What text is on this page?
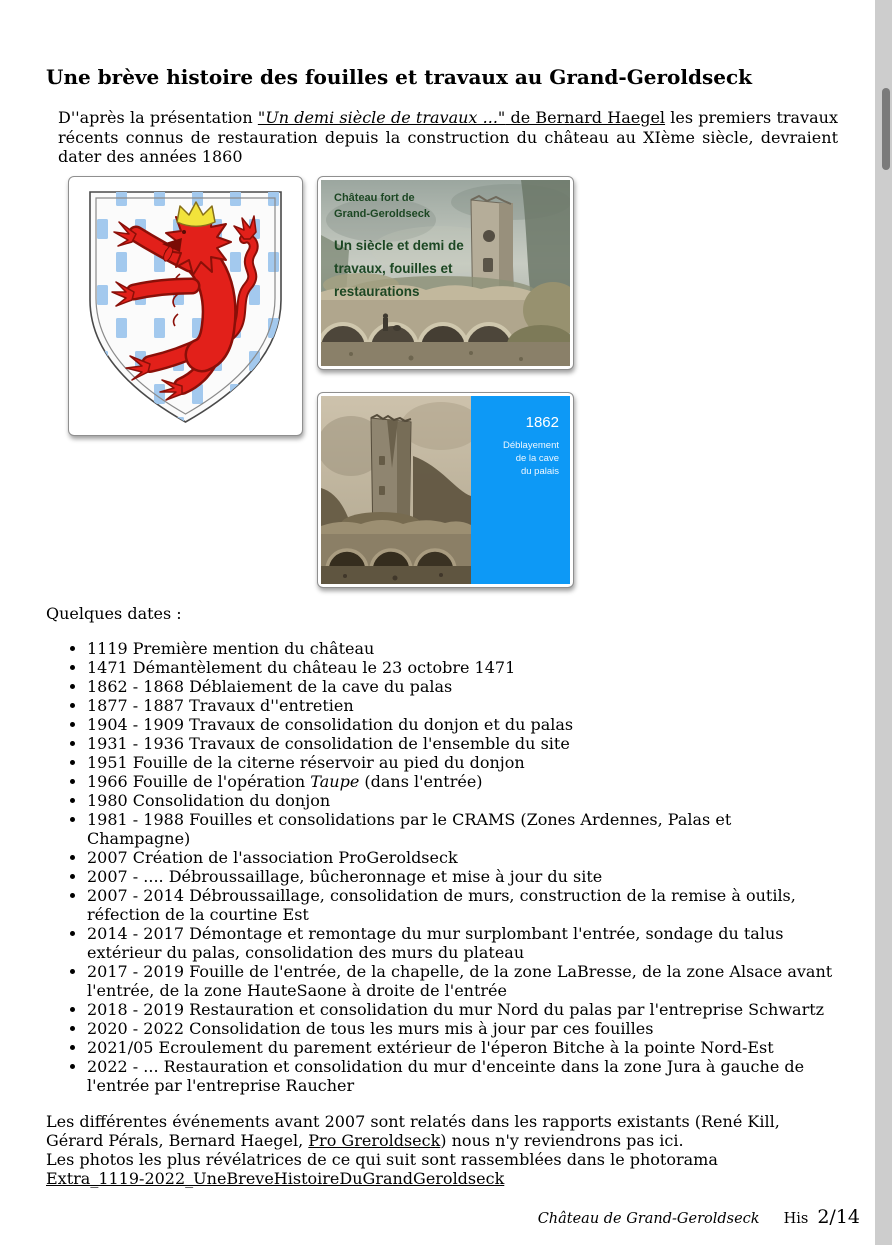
Une brève histoire des fouilles et travaux au Grand-Geroldseck

D''après la présentation "Un demi siècle de travaux ..." de Bernard Haegel les premiers travaux récents connus de restauration depuis la construction du château au XIème siècle, devraient dater des années 1860

Château fort de
Grand-Geroldseck
Un siècle et demi de
travaux, fouilles et
restaurations
1862
Déblayement
de la cave
du palais

Quelques dates :

• 1119 Première mention du château
• 1471 Démantèlement du château le 23 octobre 1471
• 1862 - 1868 Déblaiement de la cave du palas
• 1877 - 1887 Travaux d''entretien
• 1904 - 1909 Travaux de consolidation du donjon et du palas
• 1931 - 1936 Travaux de consolidation de l'ensemble du site
• 1951 Fouille de la citerne réservoir au pied du donjon
• 1966 Fouille de l'opération Taupe (dans l'entrée)
• 1980 Consolidation du donjon
• 1981 - 1988 Fouilles et consolidations par le CRAMS (Zones Ardennes, Palas et Champagne)
• 2007 Création de l'association ProGeroldseck
• 2007 - .... Débroussaillage, bûcheronnage et mise à jour du site
• 2007 - 2014 Débroussaillage, consolidation de murs, construction de la remise à outils, réfection de la courtine Est
• 2014 - 2017 Démontage et remontage du mur surplombant l'entrée, sondage du talus extérieur du palas, consolidation des murs du plateau
• 2017 - 2019 Fouille de l'entrée, de la chapelle, de la zone LaBresse, de la zone Alsace avant l'entrée, de la zone HauteSaone à droite de l'entrée
• 2018 - 2019 Restauration et consolidation du mur Nord du palas par l'entreprise Schwartz
• 2020 - 2022 Consolidation de tous les murs mis à jour par ces fouilles
• 2021/05 Ecroulement du parement extérieur de l'éperon Bitche à la pointe Nord-Est
• 2022 - ... Restauration et consolidation du mur d'enceinte dans la zone Jura à gauche de l'entrée par l'entreprise Raucher

Les différentes événements avant 2007 sont relatés dans les rapports existants (René Kill, Gérard Pérals, Bernard Haegel, Pro Greroldseck) nous n'y reviendrons pas ici.
Les photos les plus révélatrices de ce qui suit sont rassemblées dans le photorama
Extra_1119-2022_UneBreveHistoireDuGrandGeroldseck

Château de Grand-Geroldseck His 2/14
